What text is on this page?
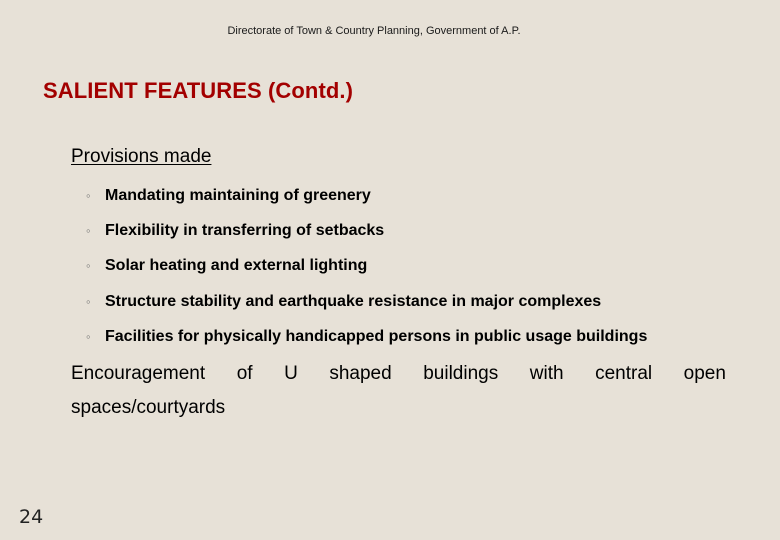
Directorate of Town & Country Planning, Government of A.P.
SALIENT FEATURES (Contd.)
Provisions made
◦ Mandating maintaining of greenery
◦ Flexibility in transferring of setbacks
◦ Solar heating and external lighting
◦ Structure stability and earthquake resistance in major complexes
◦ Facilities for physically handicapped persons in public usage buildings
Encouragement of U shaped buildings with central open
spaces/courtyards
24
